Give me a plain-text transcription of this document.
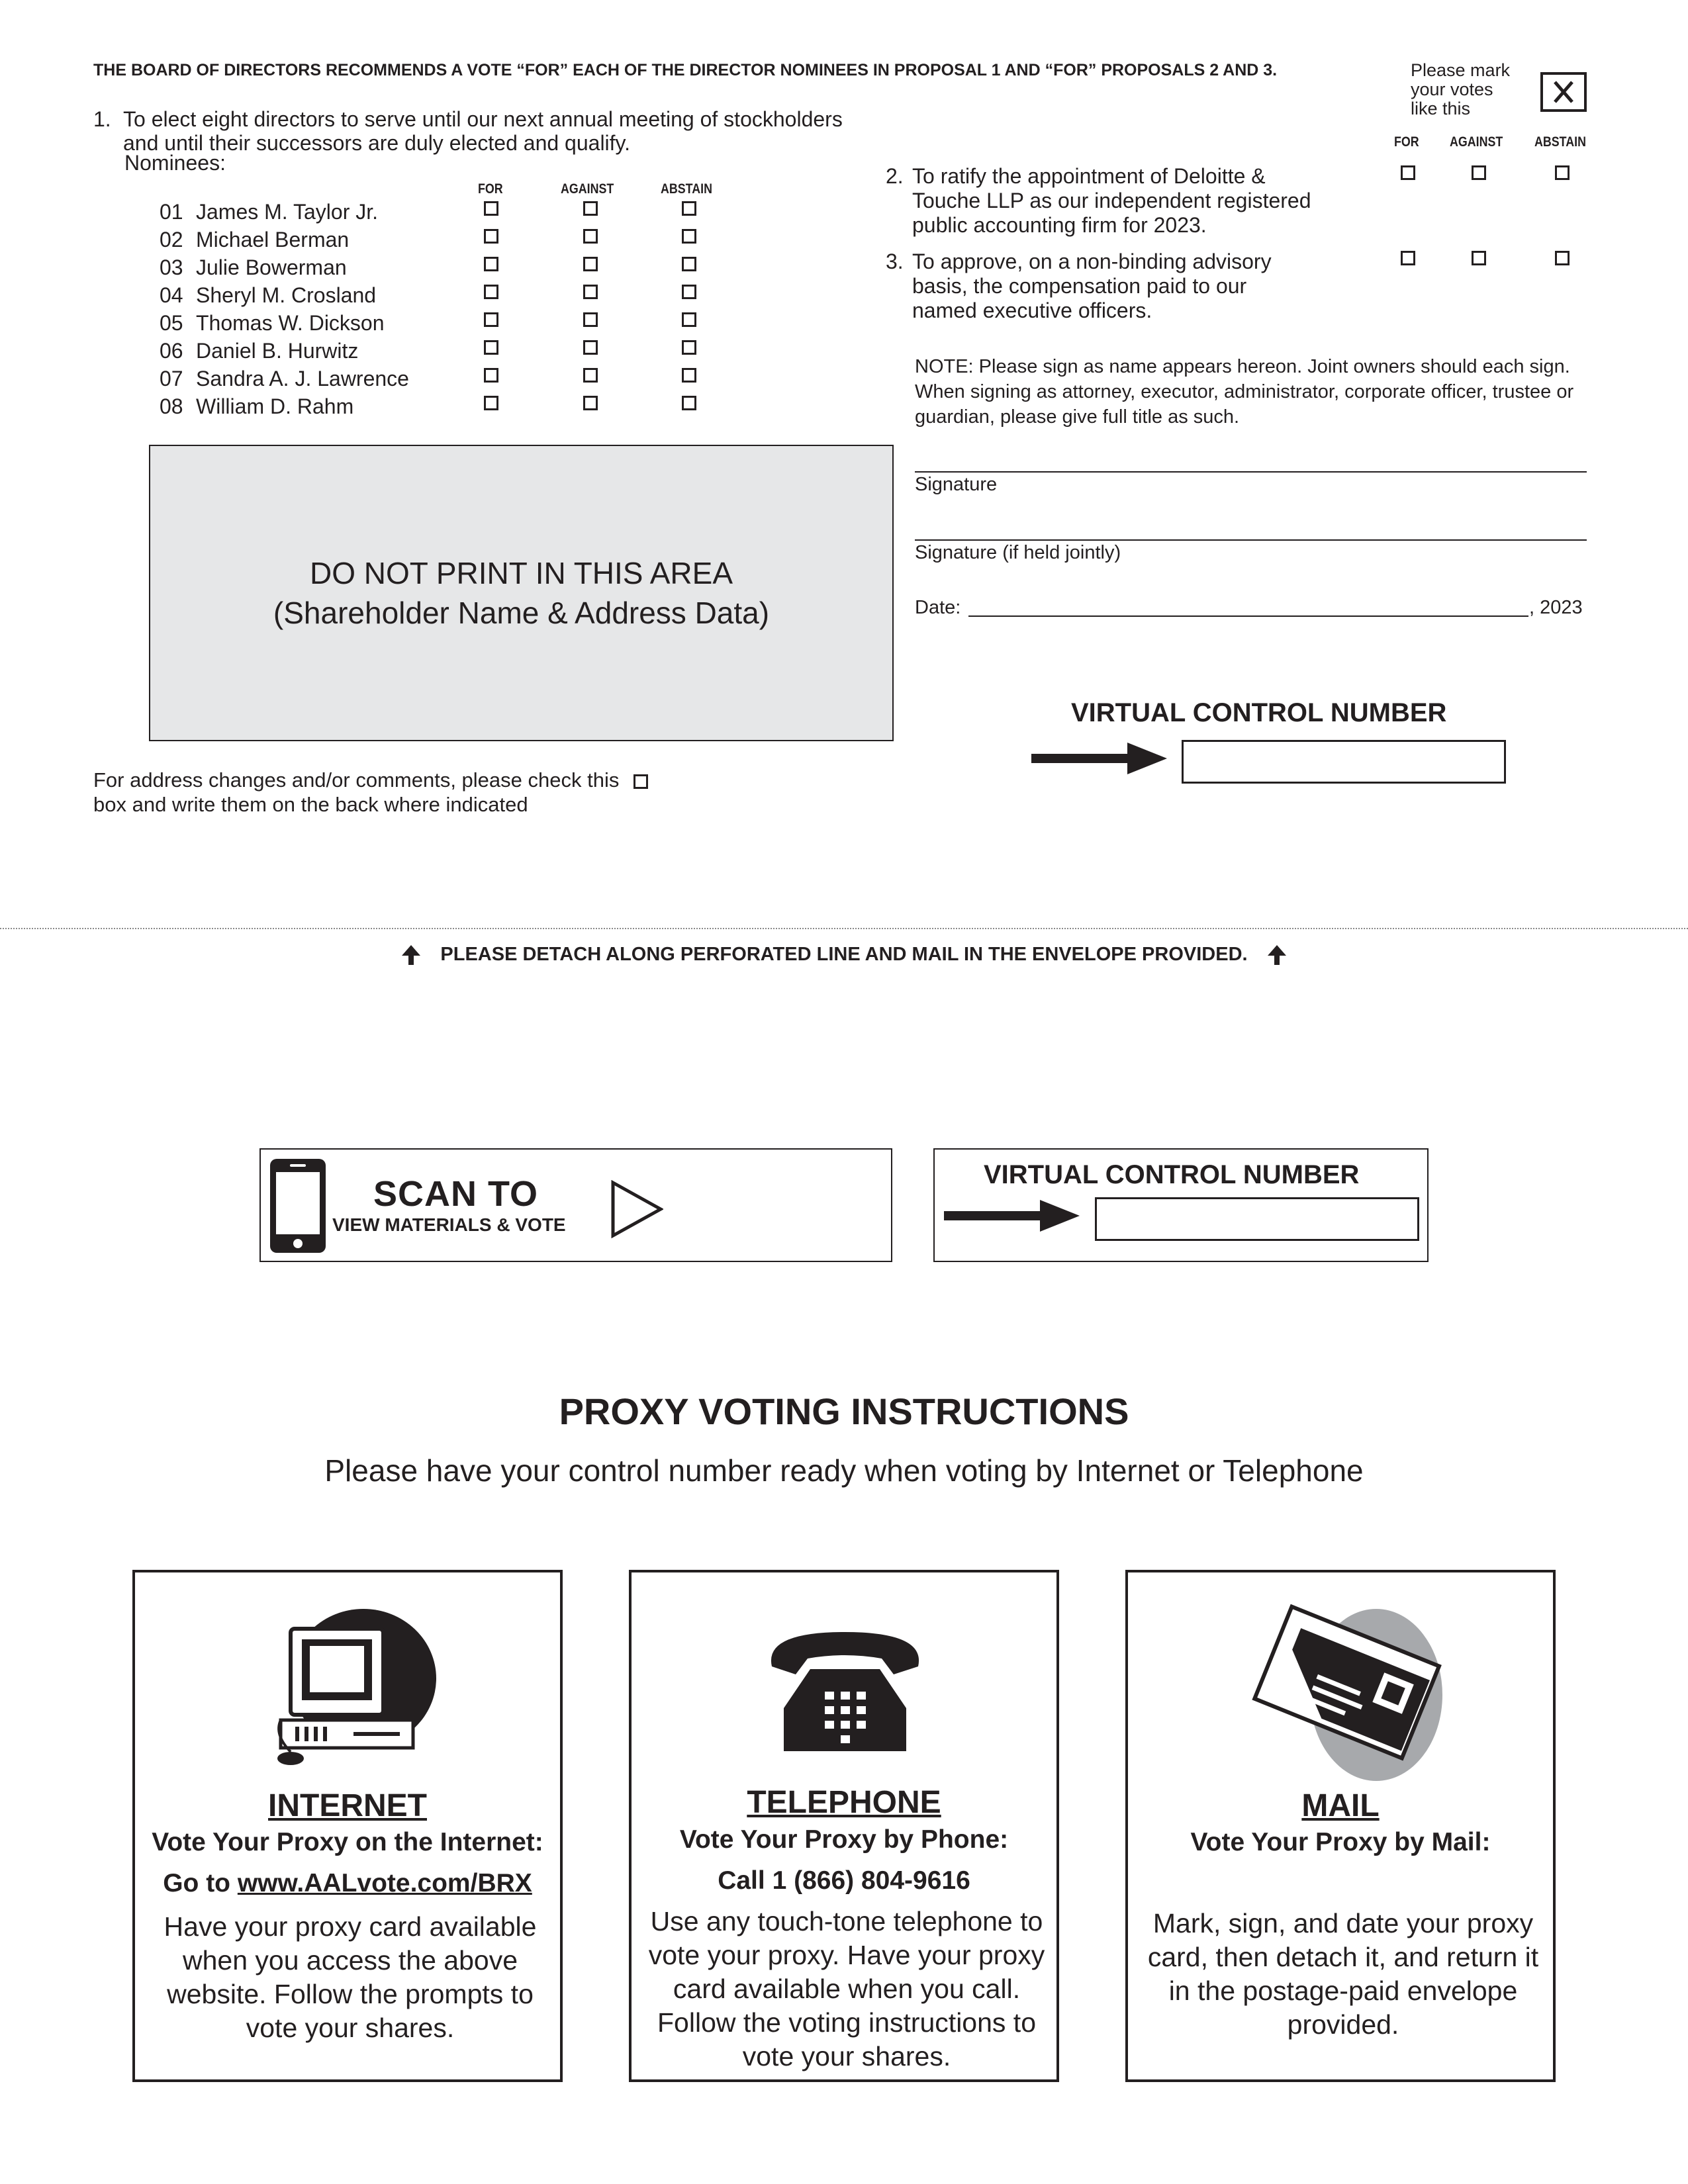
THE BOARD OF DIRECTORS RECOMMENDS A VOTE “FOR” EACH OF THE DIRECTOR NOMINEES IN PROPOSAL 1 AND “FOR” PROPOSALS 2 AND 3.
1. To elect eight directors to serve until our next annual meeting of stockholders and until their successors are duly elected and qualify.
Nominees:
FOR	AGAINST	ABSTAIN
01 James M. Taylor Jr.
02 Michael Berman
03 Julie Bowerman
04 Sheryl M. Crosland
05 Thomas W. Dickson
06 Daniel B. Hurwitz
07 Sandra A. J. Lawrence
08 William D. Rahm
DO NOT PRINT IN THIS AREA
(Shareholder Name & Address Data)
For address changes and/or comments, please check this box and write them on the back where indicated
Please mark your votes like this
FOR AGAINST ABSTAIN
2. To ratify the appointment of Deloitte & Touche LLP as our independent registered public accounting firm for 2023.
3. To approve, on a non-binding advisory basis, the compensation paid to our named executive officers.
NOTE: Please sign as name appears hereon. Joint owners should each sign. When signing as attorney, executor, administrator, corporate officer, trustee or guardian, please give full title as such.
Signature
Signature (if held jointly)
Date:	, 2023
VIRTUAL CONTROL NUMBER
PLEASE DETACH ALONG PERFORATED LINE AND MAIL IN THE ENVELOPE PROVIDED.
SCAN TO
VIEW MATERIALS & VOTE
VIRTUAL CONTROL NUMBER
PROXY VOTING INSTRUCTIONS
Please have your control number ready when voting by Internet or Telephone
INTERNET
Vote Your Proxy on the Internet:
Go to www.AALvote.com/BRX
Have your proxy card available when you access the above website. Follow the prompts to vote your shares.
TELEPHONE
Vote Your Proxy by Phone:
Call 1 (866) 804-9616
Use any touch-tone telephone to vote your proxy. Have your proxy card available when you call. Follow the voting instructions to vote your shares.
MAIL
Vote Your Proxy by Mail:
Mark, sign, and date your proxy card, then detach it, and return it in the postage-paid envelope provided.
